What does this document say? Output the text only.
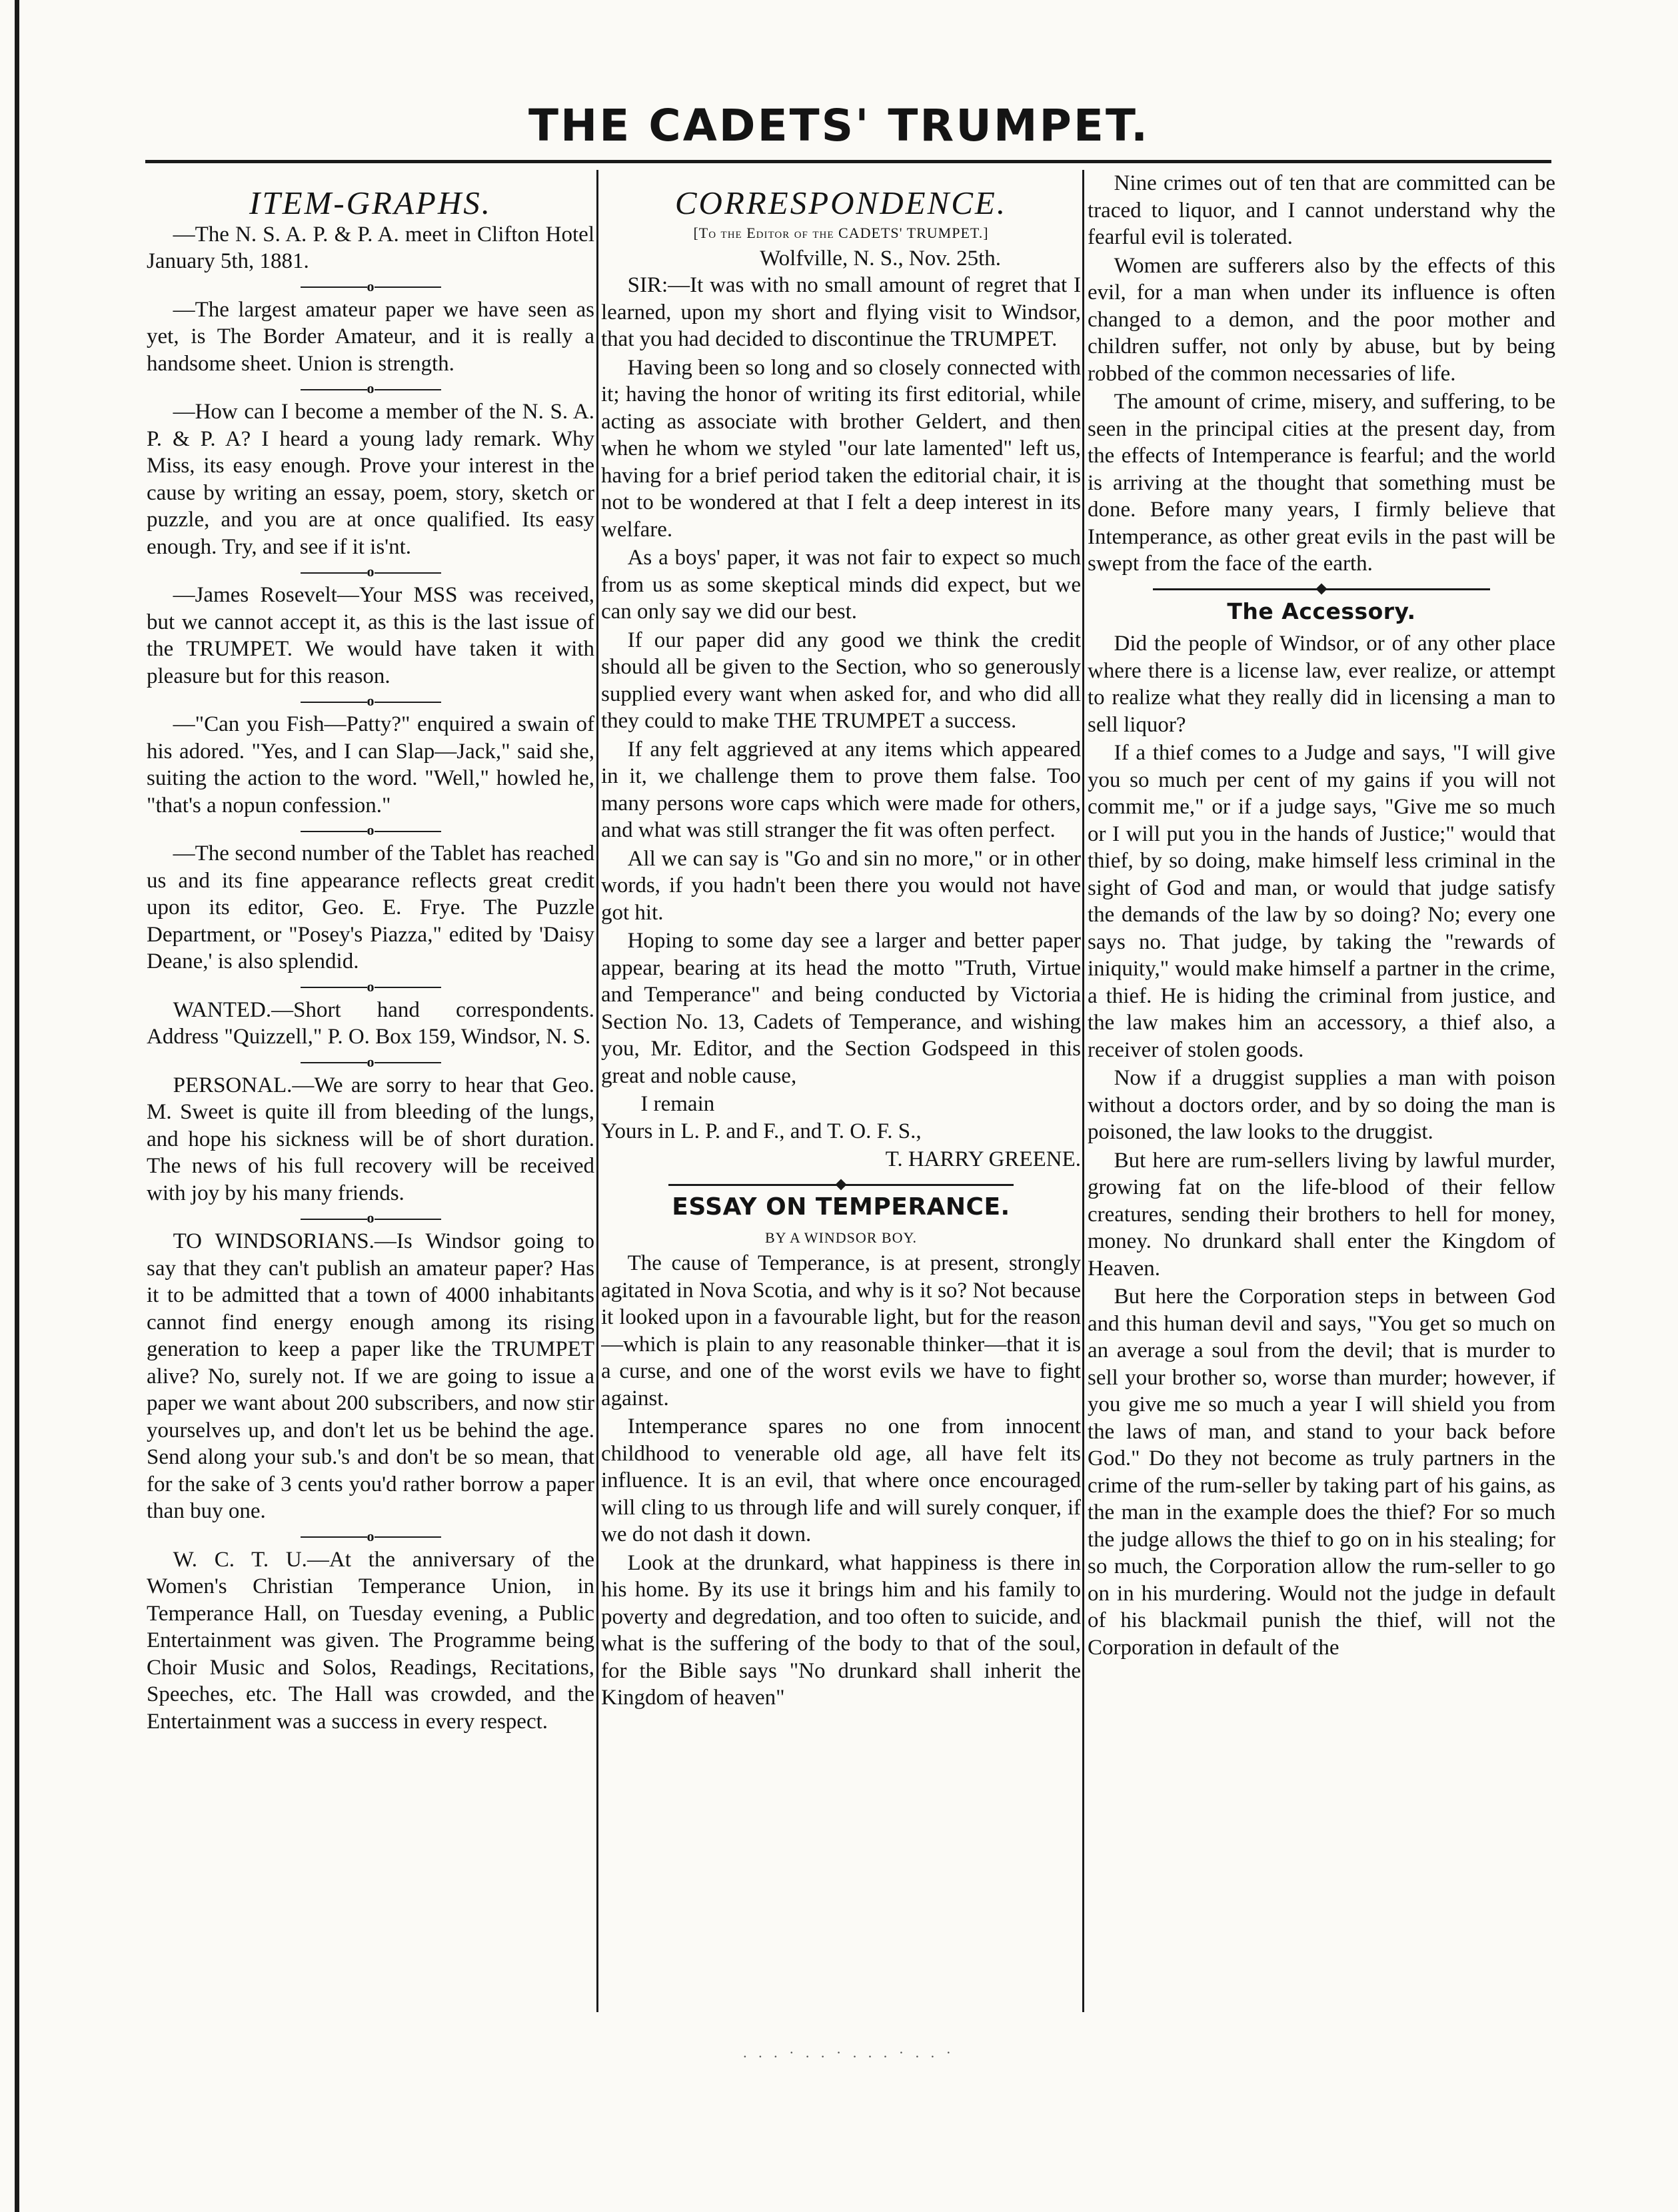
THE CADETS' TRUMPET.
ITEM-GRAPHS.
—The N. S. A. P. & P. A. meet in Clifton Hotel January 5th, 1881.
o
—The largest amateur paper we have seen as yet, is The Border Amateur, and it is really a handsome sheet. Union is strength.
o
—How can I become a member of the N. S. A. P. & P. A? I heard a young lady remark. Why Miss, its easy enough. Prove your interest in the cause by writing an essay, poem, story, sketch or puzzle, and you are at once qualified. Its easy enough. Try, and see if it is'nt.
o
—James Rosevelt—Your MSS was received, but we cannot accept it, as this is the last issue of the TRUMPET. We would have taken it with pleasure but for this reason.
o
—"Can you Fish—Patty?" enquired a swain of his adored. "Yes, and I can Slap—Jack," said she, suiting the action to the word. "Well," howled he, "that's a nopun confession."
o
—The second number of the Tablet has reached us and its fine appearance reflects great credit upon its editor, Geo. E. Frye. The Puzzle Department, or "Posey's Piazza," edited by 'Daisy Deane,' is also splendid.
o
WANTED.—Short hand correspondents. Address "Quizzell," P. O. Box 159, Windsor, N. S.
o
PERSONAL.—We are sorry to hear that Geo. M. Sweet is quite ill from bleeding of the lungs, and hope his sickness will be of short duration. The news of his full recovery will be received with joy by his many friends.
o
TO WINDSORIANS.—Is Windsor going to say that they can't publish an amateur paper? Has it to be admitted that a town of 4000 inhabitants cannot find energy enough among its rising generation to keep a paper like the TRUMPET alive? No, surely not. If we are going to issue a paper we want about 200 subscribers, and now stir yourselves up, and don't let us be behind the age. Send along your sub.'s and don't be so mean, that for the sake of 3 cents you'd rather borrow a paper than buy one.
o
W. C. T. U.—At the anniversary of the Women's Christian Temperance Union, in Temperance Hall, on Tuesday evening, a Public Entertainment was given. The Programme being Choir Music and Solos, Readings, Recitations, Speeches, etc. The Hall was crowded, and the Entertainment was a success in every respect.
CORRESPONDENCE.
[To the Editor of the CADETS' TRUMPET.]
Wolfville, N. S., Nov. 25th.
SIR:—It was with no small amount of regret that I learned, upon my short and flying visit to Windsor, that you had decided to discontinue the TRUMPET.
Having been so long and so closely connected with it; having the honor of writing its first editorial, while acting as associate with brother Geldert, and then when he whom we styled "our late lamented" left us, having for a brief period taken the editorial chair, it is not to be wondered at that I felt a deep interest in its welfare.
As a boys' paper, it was not fair to expect so much from us as some skeptical minds did expect, but we can only say we did our best.
If our paper did any good we think the credit should all be given to the Section, who so generously supplied every want when asked for, and who did all they could to make THE TRUMPET a success.
If any felt aggrieved at any items which appeared in it, we challenge them to prove them false. Too many persons wore caps which were made for others, and what was still stranger the fit was often perfect.
All we can say is "Go and sin no more," or in other words, if you hadn't been there you would not have got hit.
Hoping to some day see a larger and better paper appear, bearing at its head the motto "Truth, Virtue and Temperance" and being conducted by Victoria Section No. 13, Cadets of Temperance, and wishing you, Mr. Editor, and the Section Godspeed in this great and noble cause,
I remain
Yours in L. P. and F., and T. O. F. S.,
T. HARRY GREENE.
ESSAY ON TEMPERANCE.
BY A WINDSOR BOY.
The cause of Temperance, is at present, strongly agitated in Nova Scotia, and why is it so? Not because it looked upon in a favourable light, but for the reason—which is plain to any reasonable thinker—that it is a curse, and one of the worst evils we have to fight against.
Intemperance spares no one from innocent childhood to venerable old age, all have felt its influence. It is an evil, that where once encouraged will cling to us through life and will surely conquer, if we do not dash it down.
Look at the drunkard, what happiness is there in his home. By its use it brings him and his family to poverty and degredation, and too often to suicide, and what is the suffering of the body to that of the soul, for the Bible says "No drunkard shall inherit the Kingdom of heaven"
Nine crimes out of ten that are committed can be traced to liquor, and I cannot understand why the fearful evil is tolerated.
Women are sufferers also by the effects of this evil, for a man when under its influence is often changed to a demon, and the poor mother and children suffer, not only by abuse, but by being robbed of the common necessaries of life.
The amount of crime, misery, and suffering, to be seen in the principal cities at the present day, from the effects of Intemperance is fearful; and the world is arriving at the thought that something must be done. Before many years, I firmly believe that Intemperance, as other great evils in the past will be swept from the face of the earth.
The Accessory.
Did the people of Windsor, or of any other place where there is a license law, ever realize, or attempt to realize what they really did in licensing a man to sell liquor?
If a thief comes to a Judge and says, "I will give you so much per cent of my gains if you will not commit me," or if a judge says, "Give me so much or I will put you in the hands of Justice;" would that thief, by so doing, make himself less criminal in the sight of God and man, or would that judge satisfy the demands of the law by so doing? No; every one says no. That judge, by taking the "rewards of iniquity," would make himself a partner in the crime, a thief. He is hiding the criminal from justice, and the law makes him an accessory, a thief also, a receiver of stolen goods.
Now if a druggist supplies a man with poison without a doctors order, and by so doing the man is poisoned, the law looks to the druggist.
But here are rum-sellers living by lawful murder, growing fat on the life-blood of their fellow creatures, sending their brothers to hell for money, money. No drunkard shall enter the Kingdom of Heaven.
But here the Corporation steps in between God and this human devil and says, "You get so much on an average a soul from the devil; that is murder to sell your brother so, worse than murder; however, if you give me so much a year I will shield you from the laws of man, and stand to your back before God." Do they not become as truly partners in the crime of the rum-seller by taking part of his gains, as the man in the example does the thief? For so much the judge allows the thief to go on in his stealing; for so much, the Corporation allow the rum-seller to go on in his murdering. Would not the judge in default of his blackmail punish the thief, will not the Corporation in default of the
. . . · . . · . . . · . . ·
